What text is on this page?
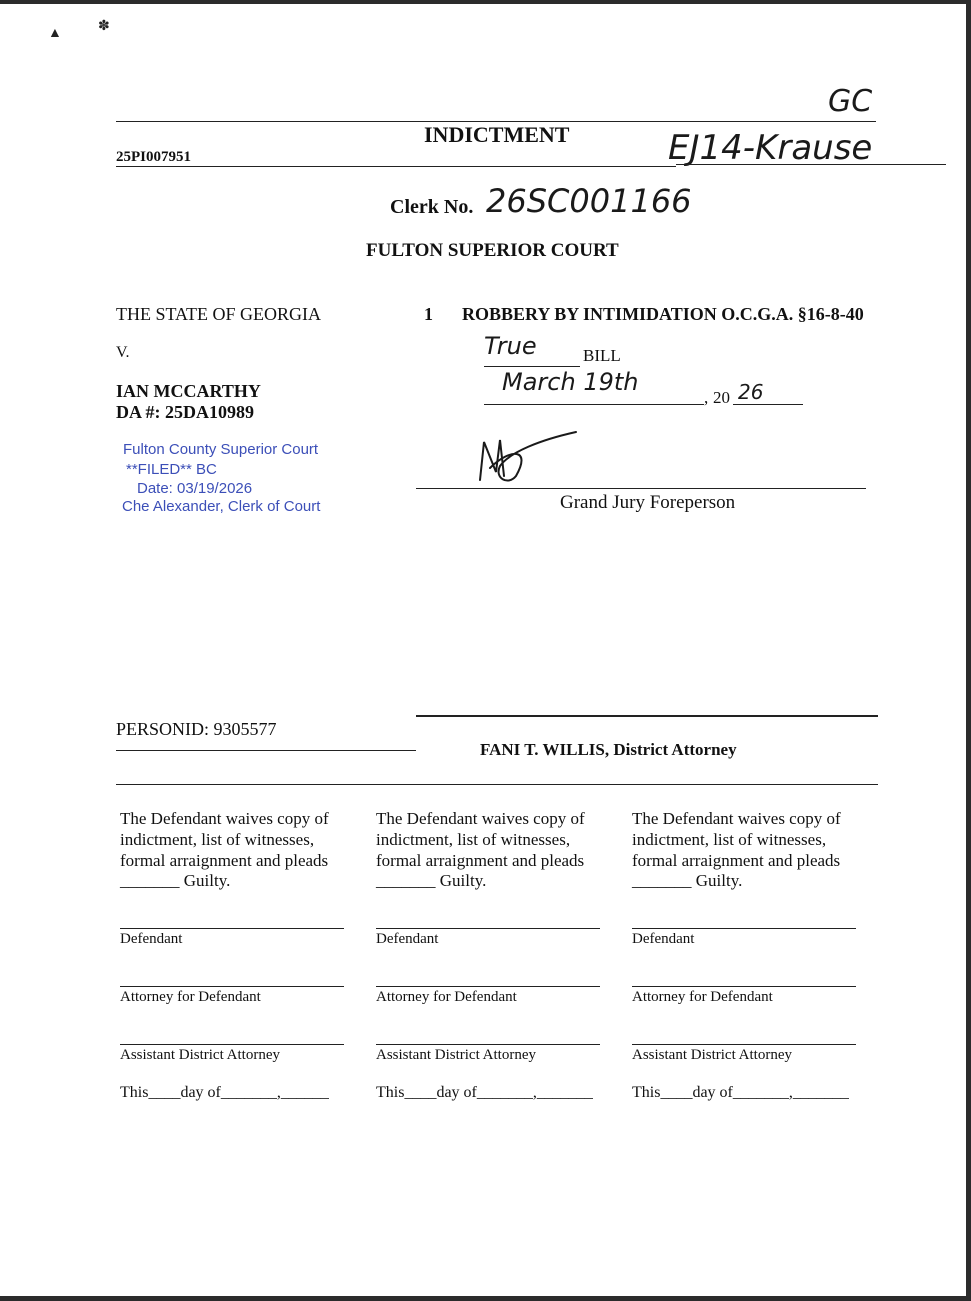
▲	✽
GC
INDICTMENT	EJ14-Krause
25PI007951
Clerk No. 26SC001166
FULTON SUPERIOR COURT
THE STATE OF GEORGIA
V.
IAN MCCARTHY
DA #: 25DA10989
1 ROBBERY BY INTIMIDATION O.C.G.A. §16-8-40
True	BILL
March 19th
, 20 26
Fulton County Superior Court
**FILED** BC
Date: 03/19/2026
Che Alexander, Clerk of Court	Grand Jury Foreperson
PERSONID: 9305577
FANI T. WILLIS, District Attorney
The Defendant waives copy of indictment, list of witnesses, formal arraignment and pleads
_______ Guilty.
Defendant
Attorney for Defendant
Assistant District Attorney
This____day of_______,______
The Defendant waives copy of indictment, list of witnesses, formal arraignment and pleads
_______ Guilty.
Defendant
Attorney for Defendant
Assistant District Attorney
This____day of_______,_______
The Defendant waives copy of indictment, list of witnesses, formal arraignment and pleads
_______ Guilty.
Defendant
Attorney for Defendant
Assistant District Attorney
This____day of_______,_______
